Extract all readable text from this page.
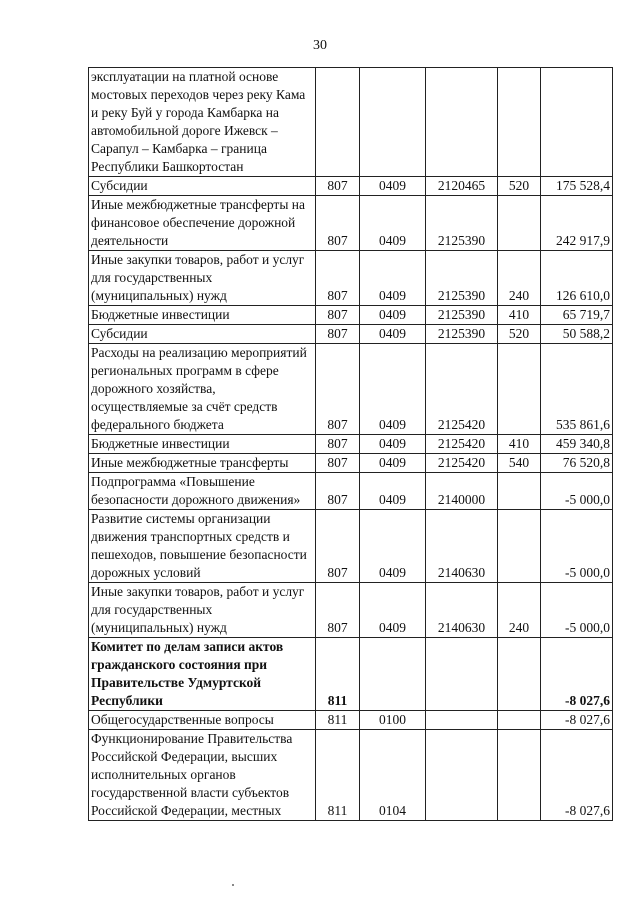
30
эксплуатации на платной основе мостовых переходов через реку Кама и реку Буй у города Камбарка на автомобильной дороге Ижевск – Сарапул – Камбарка – граница Республики Башкортостан					
Субсидии	807	0409	2120465	520	175 528,4
Иные межбюджетные трансферты на финансовое обеспечение дорожной деятельности	807	0409	2125390		242 917,9
Иные закупки товаров, работ и услуг для государственных (муниципальных) нужд	807	0409	2125390	240	126 610,0
Бюджетные инвестиции	807	0409	2125390	410	65 719,7
Субсидии	807	0409	2125390	520	50 588,2
Расходы на реализацию мероприятий региональных программ в сфере дорожного хозяйства, осуществляемые за счёт средств федерального бюджета	807	0409	2125420		535 861,6
Бюджетные инвестиции	807	0409	2125420	410	459 340,8
Иные межбюджетные трансферты	807	0409	2125420	540	76 520,8
Подпрограмма «Повышение безопасности дорожного движения»	807	0409	2140000		-5 000,0
Развитие системы организации движения транспортных средств и пешеходов, повышение безопасности дорожных условий	807	0409	2140630		-5 000,0
Иные закупки товаров, работ и услуг для государственных (муниципальных) нужд	807	0409	2140630	240	-5 000,0
Комитет по делам записи актов гражданского состояния при Правительстве Удмуртской Республики	811				-8 027,6
Общегосударственные вопросы	811	0100			-8 027,6
Функционирование Правительства Российской Федерации, высших исполнительных органов государственной власти субъектов Российской Федерации, местных	811	0104			-8 027,6
